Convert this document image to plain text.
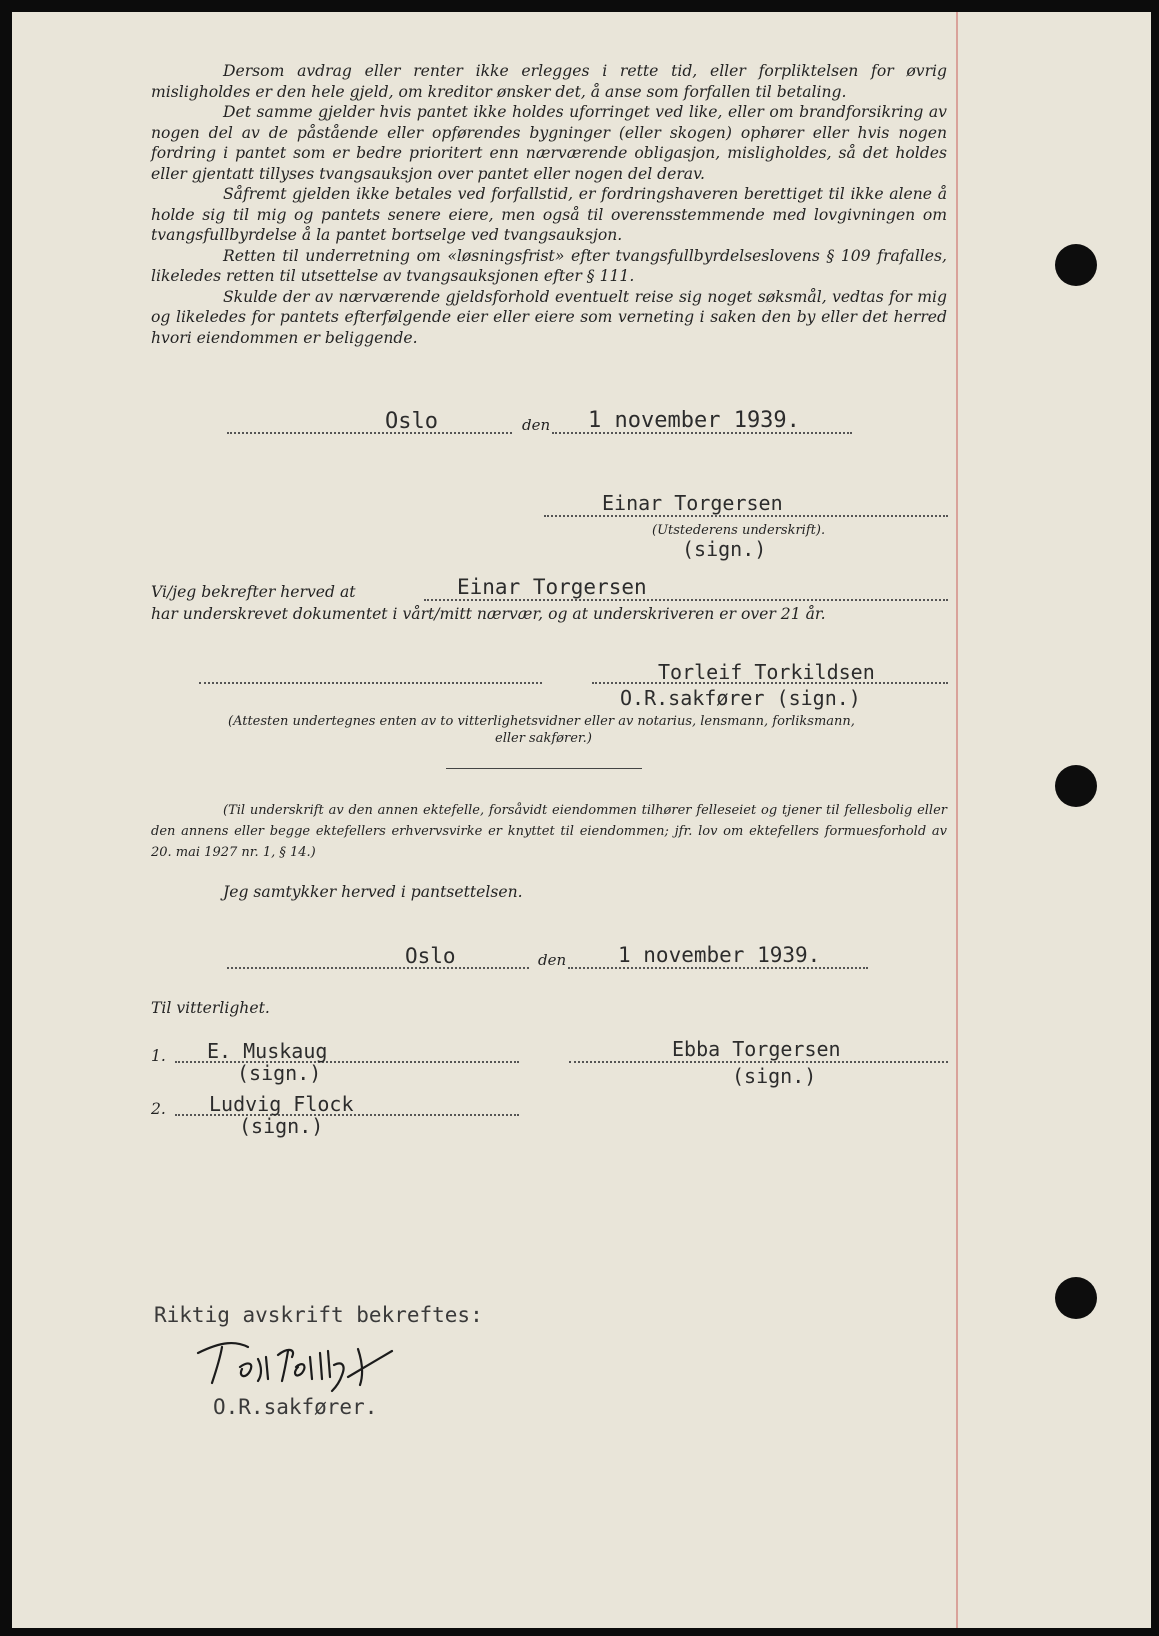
Dersom avdrag eller renter ikke erlegges i rette tid, eller forpliktelsen for øvrig misligholdes er den hele gjeld, om kreditor ønsker det, å anse som forfallen til betaling.

Det samme gjelder hvis pantet ikke holdes uforringet ved like, eller om brandforsikring av nogen del av de påstående eller opførendes bygninger (eller skogen) ophører eller hvis nogen fordring i pantet som er bedre prioritert enn nærværende obligasjon, misligholdes, så det holdes eller gjentatt tillyses tvangsauksjon over pantet eller nogen del derav.

Såfremt gjelden ikke betales ved forfallstid, er fordringshaveren berettiget til ikke alene å holde sig til mig og pantets senere eiere, men også til overensstemmende med lovgivningen om tvangsfullbyrdelse å la pantet bortselge ved tvangsauksjon.

Retten til underretning om «løsningsfrist» efter tvangsfullbyrdelseslovens § 109 frafalles, likeledes retten til utsettelse av tvangsauksjonen efter § 111.

Skulde der av nærværende gjeldsforhold eventuelt reise sig noget søksmål, vedtas for mig og likeledes for pantets efterfølgende eier eller eiere som verneting i saken den by eller det herred hvori eiendommen er beliggende.

Oslo	den 1 november 1939.
Einar Torgersen
(Utstederens underskrift).
(sign.)
Vi/jeg bekrefter herved at	Einar Torgersen
har underskrevet dokumentet i vårt/mitt nærvær, og at underskriveren er over 21 år.
Torleif Torkildsen
O.R.sakfører (sign.)
(Attesten undertegnes enten av to vitterlighetsvidner eller av notarius, lensmann, forliksmann,
eller sakfører.)
(Til underskrift av den annen ektefelle, forsåvidt eiendommen tilhører felleseiet og tjener til fellesbolig eller den annens eller begge ektefellers erhvervsvirke er knyttet til eiendommen; jfr. lov om ektefellers formuesforhold av 20. mai 1927 nr. 1, § 14.)
Jeg samtykker herved i pantsettelsen.
Oslo	den 1 november 1939.
Til vitterlighet.
1. E. Muskaug
(sign.)
2. Ludvig Flock
(sign.)
Ebba Torgersen
(sign.)
Riktig avskrift bekreftes:
O.R.sakfører.
